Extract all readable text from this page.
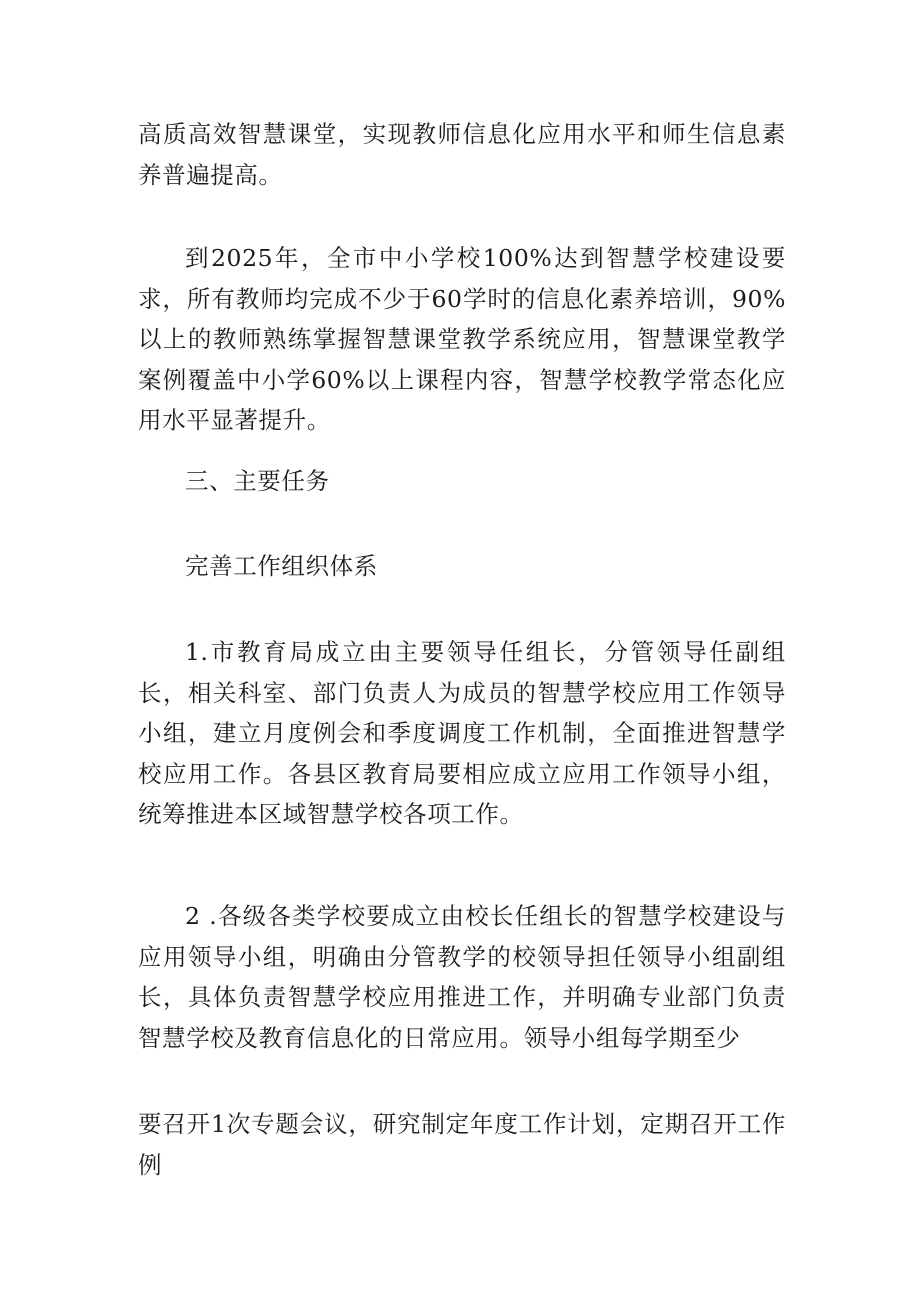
高质高效智慧课堂，实现教师信息化应用水平和师生信息素养普遍提高。

到2025年，全市中小学校100%达到智慧学校建设要求，所有教师均完成不少于60学时的信息化素养培训，90%以上的教师熟练掌握智慧课堂教学系统应用，智慧课堂教学案例覆盖中小学60%以上课程内容，智慧学校教学常态化应用水平显著提升。

三、主要任务
完善工作组织体系

1.市教育局成立由主要领导任组长，分管领导任副组长，相关科室、部门负责人为成员的智慧学校应用工作领导小组，建立月度例会和季度调度工作机制，全面推进智慧学校应用工作。各县区教育局要相应成立应用工作领导小组，统筹推进本区域智慧学校各项工作。

2 .各级各类学校要成立由校长任组长的智慧学校建设与应用领导小组，明确由分管教学的校领导担任领导小组副组长，具体负责智慧学校应用推进工作，并明确专业部门负责智慧学校及教育信息化的日常应用。领导小组每学期至少

要召开1次专题会议，研究制定年度工作计划，定期召开工作例
